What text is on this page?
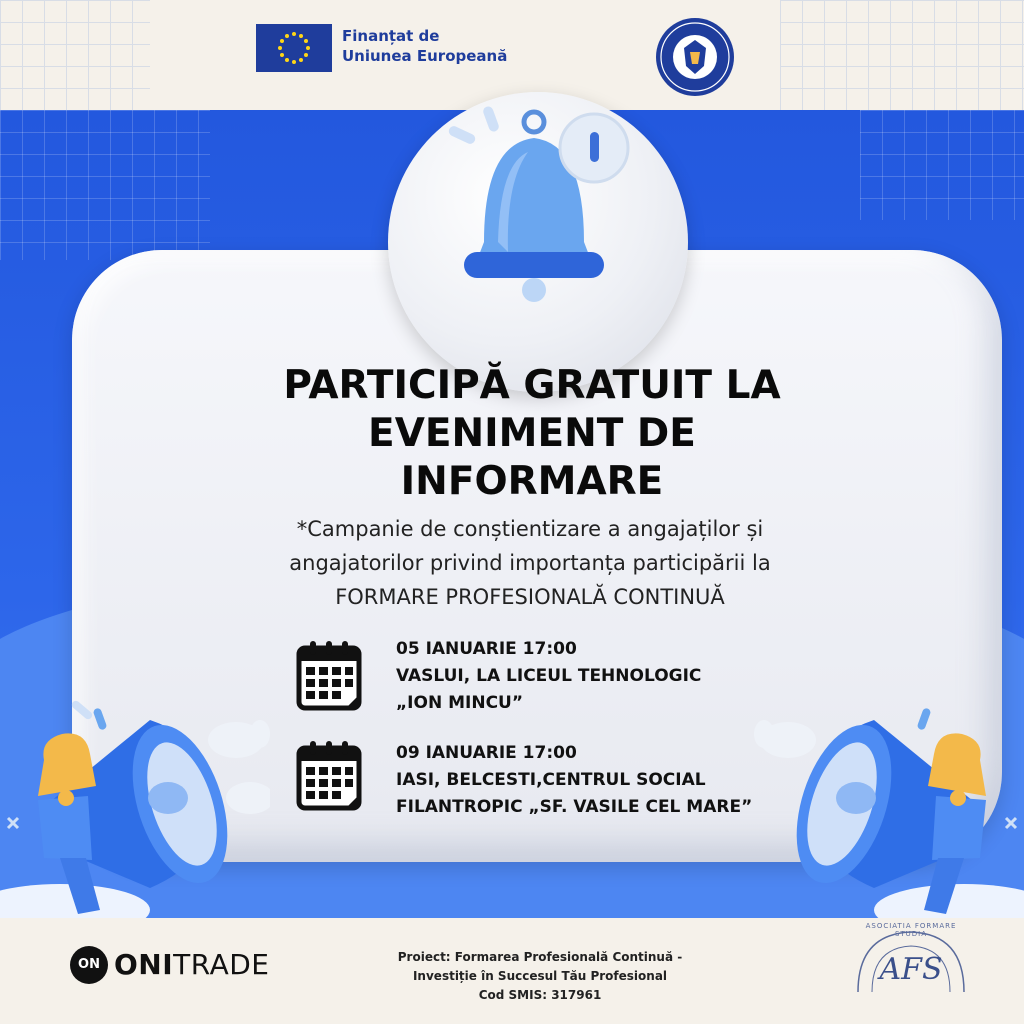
Finanțat de
Uniunea Europeană
PARTICIPĂ GRATUIT LA
EVENIMENT DE
INFORMARE
*Campanie de conștientizare a angajaților și
angajatorilor privind importanța participării la
FORMARE PROFESIONALĂ CONTINUĂ
05 IANUARIE 17:00
VASLUI, LA LICEUL TEHNOLOGIC
„ION MINCU”
09 IANUARIE 17:00
IASI, BELCESTI,CENTRUL SOCIAL
FILANTROPIC „SF. VASILE CEL MARE”
ON ONITRADE	Proiect: Formarea Profesională Continuă -
Investiție în Succesul Tău Profesional
Cod SMIS: 317961
AFS
ASOCIATIA FORMARE STUDIA
